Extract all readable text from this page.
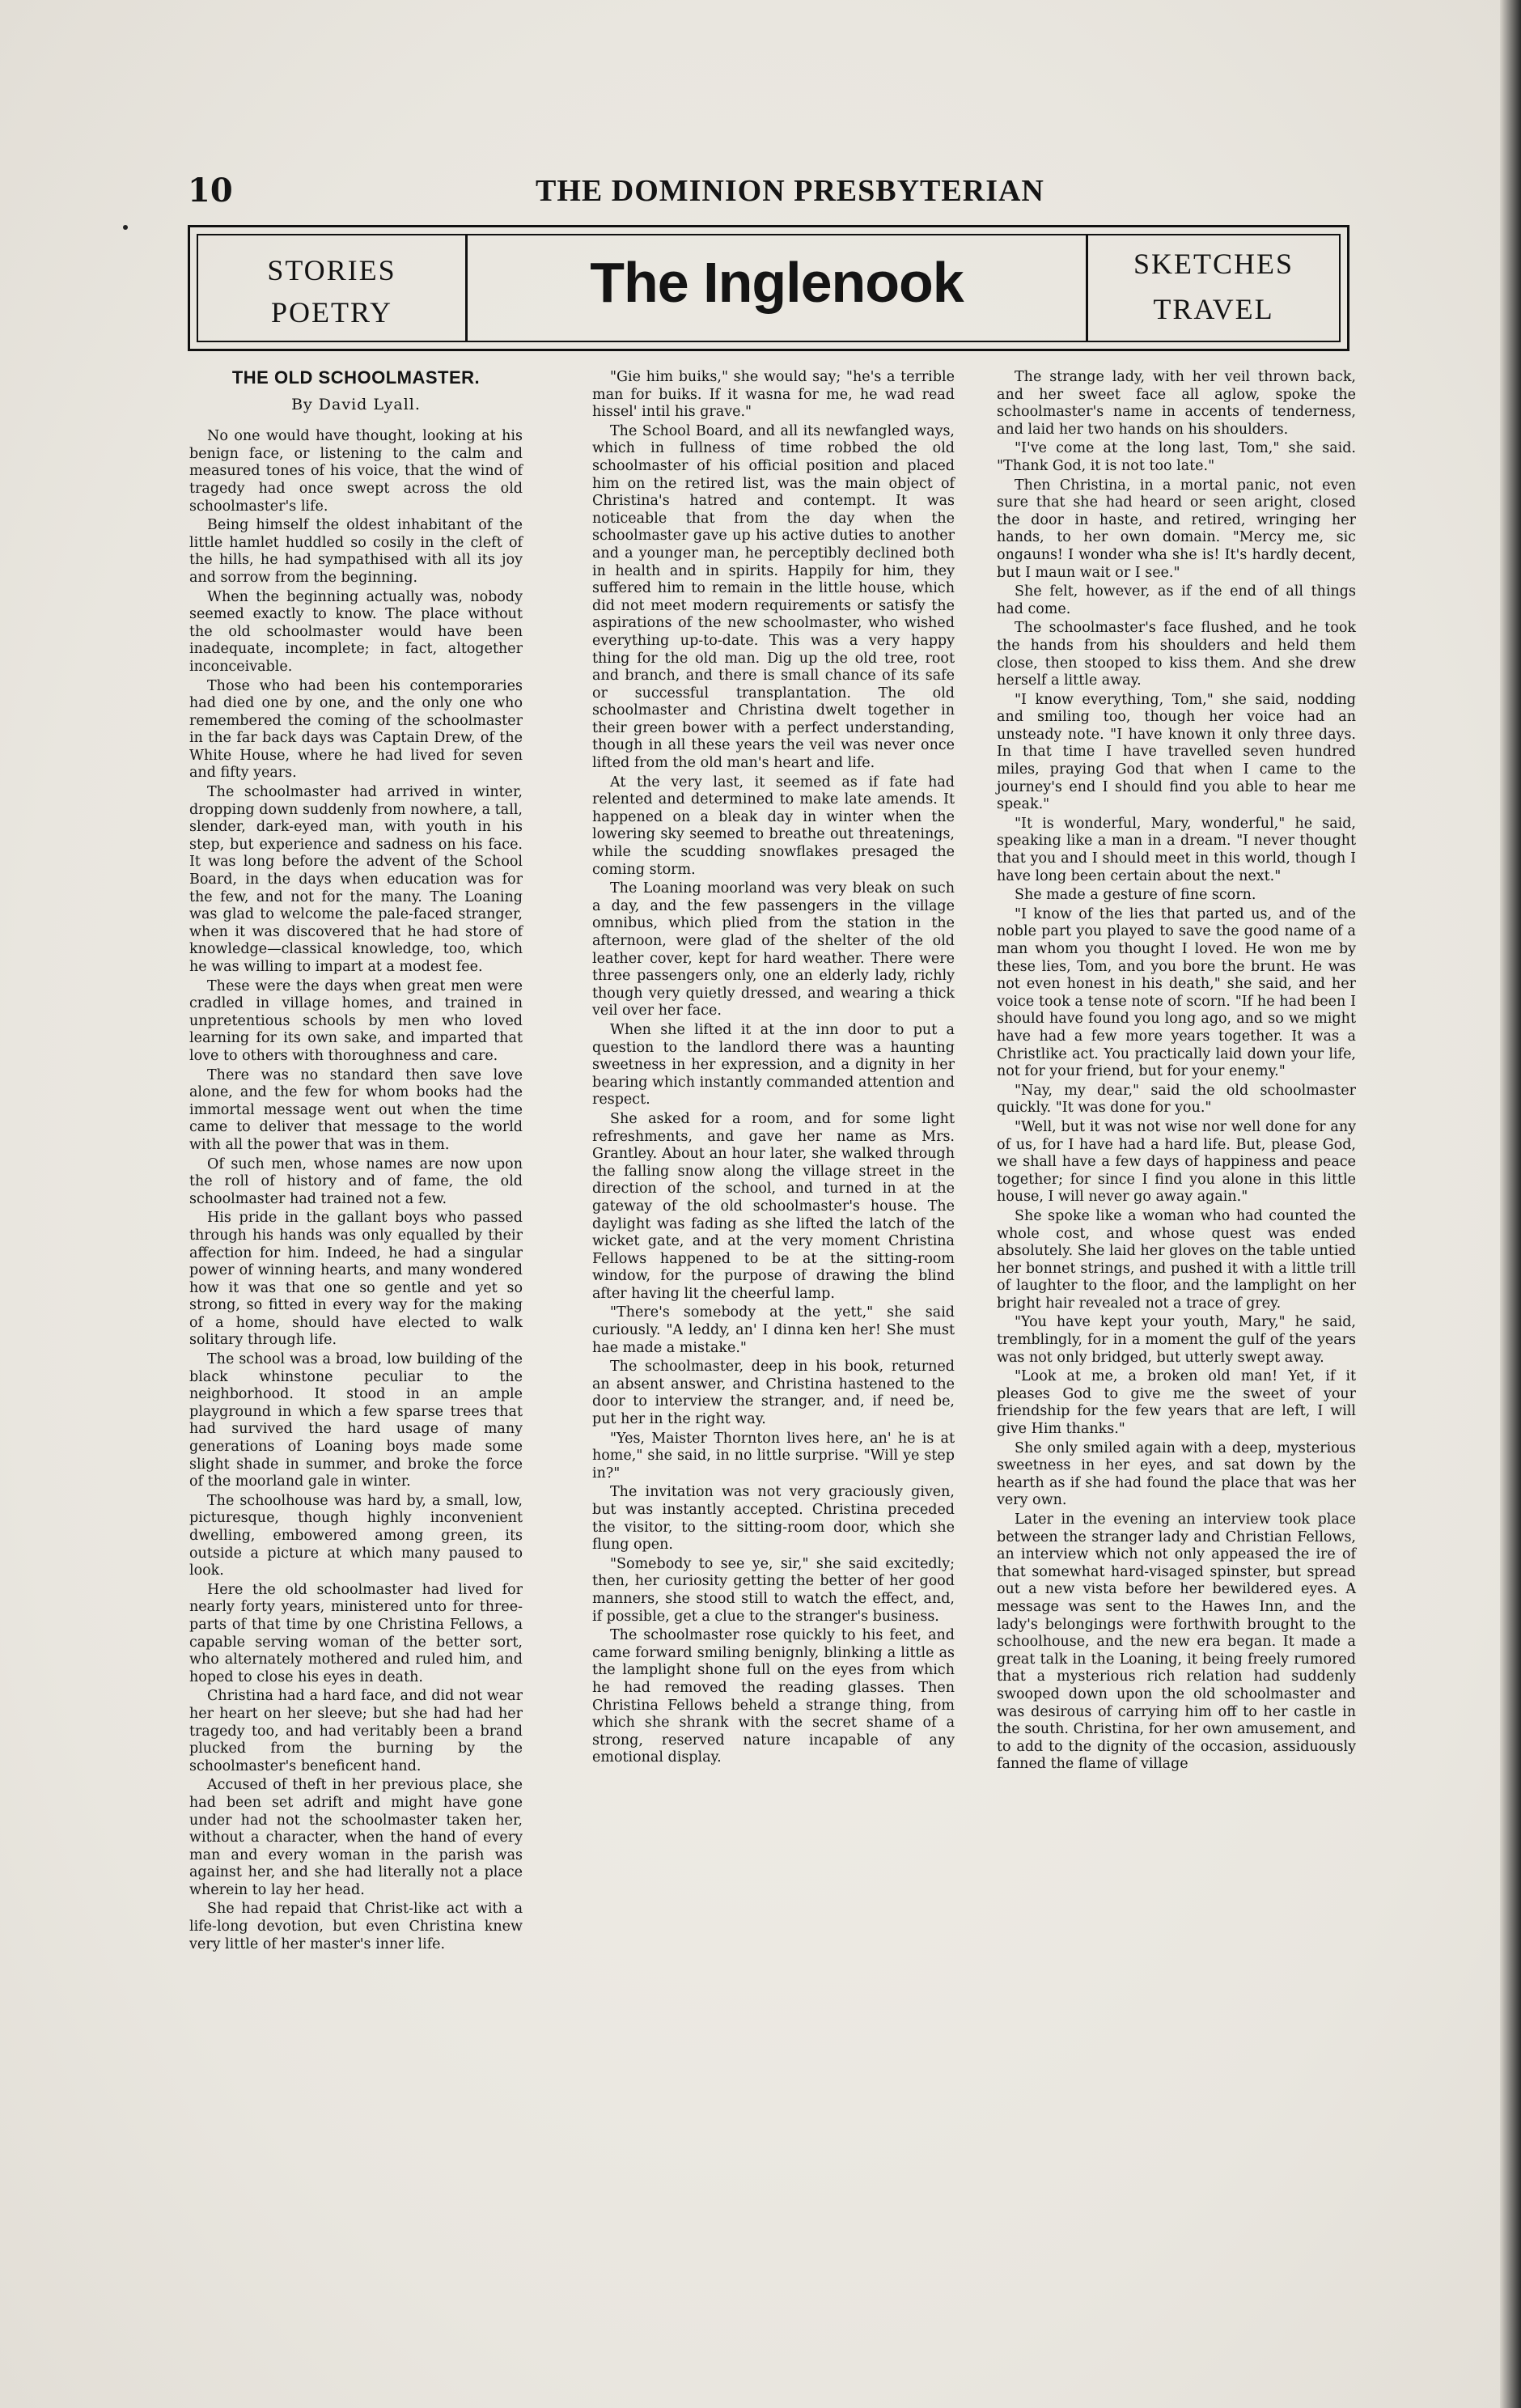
10	THE DOMINION PRESBYTERIAN
STORIES
POETRY	The Inglenook	SKETCHES
TRAVEL
THE OLD SCHOOLMASTER.
By David Lyall.

No one would have thought, looking at his benign face, or listening to the calm and measured tones of his voice, that the wind of tragedy had once swept across the old schoolmaster's life.

Being himself the oldest inhabitant of the little hamlet huddled so cosily in the cleft of the hills, he had sympathised with all its joy and sorrow from the beginning.

When the beginning actually was, nobody seemed exactly to know. The place without the old schoolmaster would have been inadequate, incomplete; in fact, altogether inconceivable.

Those who had been his contemporaries had died one by one, and the only one who remembered the coming of the schoolmaster in the far back days was Captain Drew, of the White House, where he had lived for seven and fifty years.

The schoolmaster had arrived in winter, dropping down suddenly from nowhere, a tall, slender, dark-eyed man, with youth in his step, but experience and sadness on his face. It was long before the advent of the School Board, in the days when education was for the few, and not for the many. The Loaning was glad to welcome the pale-faced stranger, when it was discovered that he had store of knowledge—classical knowledge, too, which he was willing to impart at a modest fee.

These were the days when great men were cradled in village homes, and trained in unpretentious schools by men who loved learning for its own sake, and imparted that love to others with thoroughness and care.

There was no standard then save love alone, and the few for whom books had the immortal message went out when the time came to deliver that message to the world with all the power that was in them.

Of such men, whose names are now upon the roll of history and of fame, the old schoolmaster had trained not a few.

His pride in the gallant boys who passed through his hands was only equalled by their affection for him. Indeed, he had a singular power of winning hearts, and many wondered how it was that one so gentle and yet so strong, so fitted in every way for the making of a home, should have elected to walk solitary through life.

The school was a broad, low building of the black whinstone peculiar to the neighborhood. It stood in an ample playground in which a few sparse trees that had survived the hard usage of many generations of Loaning boys made some slight shade in summer, and broke the force of the moorland gale in winter.

The schoolhouse was hard by, a small, low, picturesque, though highly inconvenient dwelling, embowered among green, its outside a picture at which many paused to look.

Here the old schoolmaster had lived for nearly forty years, ministered unto for three-parts of that time by one Christina Fellows, a capable serving woman of the better sort, who alternately mothered and ruled him, and hoped to close his eyes in death.

Christina had a hard face, and did not wear her heart on her sleeve; but she had had her tragedy too, and had veritably been a brand plucked from the burning by the schoolmaster's beneficent hand.

Accused of theft in her previous place, she had been set adrift and might have gone under had not the schoolmaster taken her, without a character, when the hand of every man and every woman in the parish was against her, and she had literally not a place wherein to lay her head.

She had repaid that Christ-like act with a life-long devotion, but even Christina knew very little of her master's inner life.

"Gie him buiks," she would say; "he's a terrible man for buiks. If it wasna for me, he wad read hissel' intil his grave."

The School Board, and all its newfangled ways, which in fullness of time robbed the old schoolmaster of his official position and placed him on the retired list, was the main object of Christina's hatred and contempt. It was noticeable that from the day when the schoolmaster gave up his active duties to another and a younger man, he perceptibly declined both in health and in spirits. Happily for him, they suffered him to remain in the little house, which did not meet modern requirements or satisfy the aspirations of the new schoolmaster, who wished everything up-to-date. This was a very happy thing for the old man. Dig up the old tree, root and branch, and there is small chance of its safe or successful transplantation. The old schoolmaster and Christina dwelt together in their green bower with a perfect understanding, though in all these years the veil was never once lifted from the old man's heart and life.

At the very last, it seemed as if fate had relented and determined to make late amends. It happened on a bleak day in winter when the lowering sky seemed to breathe out threatenings, while the scudding snowflakes presaged the coming storm.

The Loaning moorland was very bleak on such a day, and the few passengers in the village omnibus, which plied from the station in the afternoon, were glad of the shelter of the old leather cover, kept for hard weather. There were three passengers only, one an elderly lady, richly though very quietly dressed, and wearing a thick veil over her face.

When she lifted it at the inn door to put a question to the landlord there was a haunting sweetness in her expression, and a dignity in her bearing which instantly commanded attention and respect.

She asked for a room, and for some light refreshments, and gave her name as Mrs. Grantley. About an hour later, she walked through the falling snow along the village street in the direction of the school, and turned in at the gateway of the old schoolmaster's house. The daylight was fading as she lifted the latch of the wicket gate, and at the very moment Christina Fellows happened to be at the sitting-room window, for the purpose of drawing the blind after having lit the cheerful lamp.

"There's somebody at the yett," she said curiously. "A leddy, an' I dinna ken her! She must hae made a mistake."

The schoolmaster, deep in his book, returned an absent answer, and Christina hastened to the door to interview the stranger, and, if need be, put her in the right way.

"Yes, Maister Thornton lives here, an' he is at home," she said, in no little surprise. "Will ye step in?"

The invitation was not very graciously given, but was instantly accepted. Christina preceded the visitor, to the sitting-room door, which she flung open.

"Somebody to see ye, sir," she said excitedly; then, her curiosity getting the better of her good manners, she stood still to watch the effect, and, if possible, get a clue to the stranger's business.

The schoolmaster rose quickly to his feet, and came forward smiling benignly, blinking a little as the lamplight shone full on the eyes from which he had removed the reading glasses. Then Christina Fellows beheld a strange thing, from which she shrank with the secret shame of a strong, reserved nature incapable of any emotional display.

The strange lady, with her veil thrown back, and her sweet face all aglow, spoke the schoolmaster's name in accents of tenderness, and laid her two hands on his shoulders.

"I've come at the long last, Tom," she said. "Thank God, it is not too late."

Then Christina, in a mortal panic, not even sure that she had heard or seen aright, closed the door in haste, and retired, wringing her hands, to her own domain. "Mercy me, sic ongauns! I wonder wha she is! It's hardly decent, but I maun wait or I see."

She felt, however, as if the end of all things had come.

The schoolmaster's face flushed, and he took the hands from his shoulders and held them close, then stooped to kiss them. And she drew herself a little away.

"I know everything, Tom," she said, nodding and smiling too, though her voice had an unsteady note. "I have known it only three days. In that time I have travelled seven hundred miles, praying God that when I came to the journey's end I should find you able to hear me speak."

"It is wonderful, Mary, wonderful," he said, speaking like a man in a dream. "I never thought that you and I should meet in this world, though I have long been certain about the next."

She made a gesture of fine scorn.

"I know of the lies that parted us, and of the noble part you played to save the good name of a man whom you thought I loved. He won me by these lies, Tom, and you bore the brunt. He was not even honest in his death," she said, and her voice took a tense note of scorn. "If he had been I should have found you long ago, and so we might have had a few more years together. It was a Christlike act. You practically laid down your life, not for your friend, but for your enemy."

"Nay, my dear," said the old schoolmaster quickly. "It was done for you."

"Well, but it was not wise nor well done for any of us, for I have had a hard life. But, please God, we shall have a few days of happiness and peace together; for since I find you alone in this little house, I will never go away again."

She spoke like a woman who had counted the whole cost, and whose quest was ended absolutely. She laid her gloves on the table untied her bonnet strings, and pushed it with a little trill of laughter to the floor, and the lamplight on her bright hair revealed not a trace of grey.

"You have kept your youth, Mary," he said, tremblingly, for in a moment the gulf of the years was not only bridged, but utterly swept away.

"Look at me, a broken old man! Yet, if it pleases God to give me the sweet of your friendship for the few years that are left, I will give Him thanks."

She only smiled again with a deep, mysterious sweetness in her eyes, and sat down by the hearth as if she had found the place that was her very own.

Later in the evening an interview took place between the stranger lady and Christian Fellows, an interview which not only appeased the ire of that somewhat hard-visaged spinster, but spread out a new vista before her bewildered eyes. A message was sent to the Hawes Inn, and the lady's belongings were forthwith brought to the schoolhouse, and the new era began. It made a great talk in the Loaning, it being freely rumored that a mysterious rich relation had suddenly swooped down upon the old schoolmaster and was desirous of carrying him off to her castle in the south. Christina, for her own amusement, and to add to the dignity of the occasion, assiduously fanned the flame of village
